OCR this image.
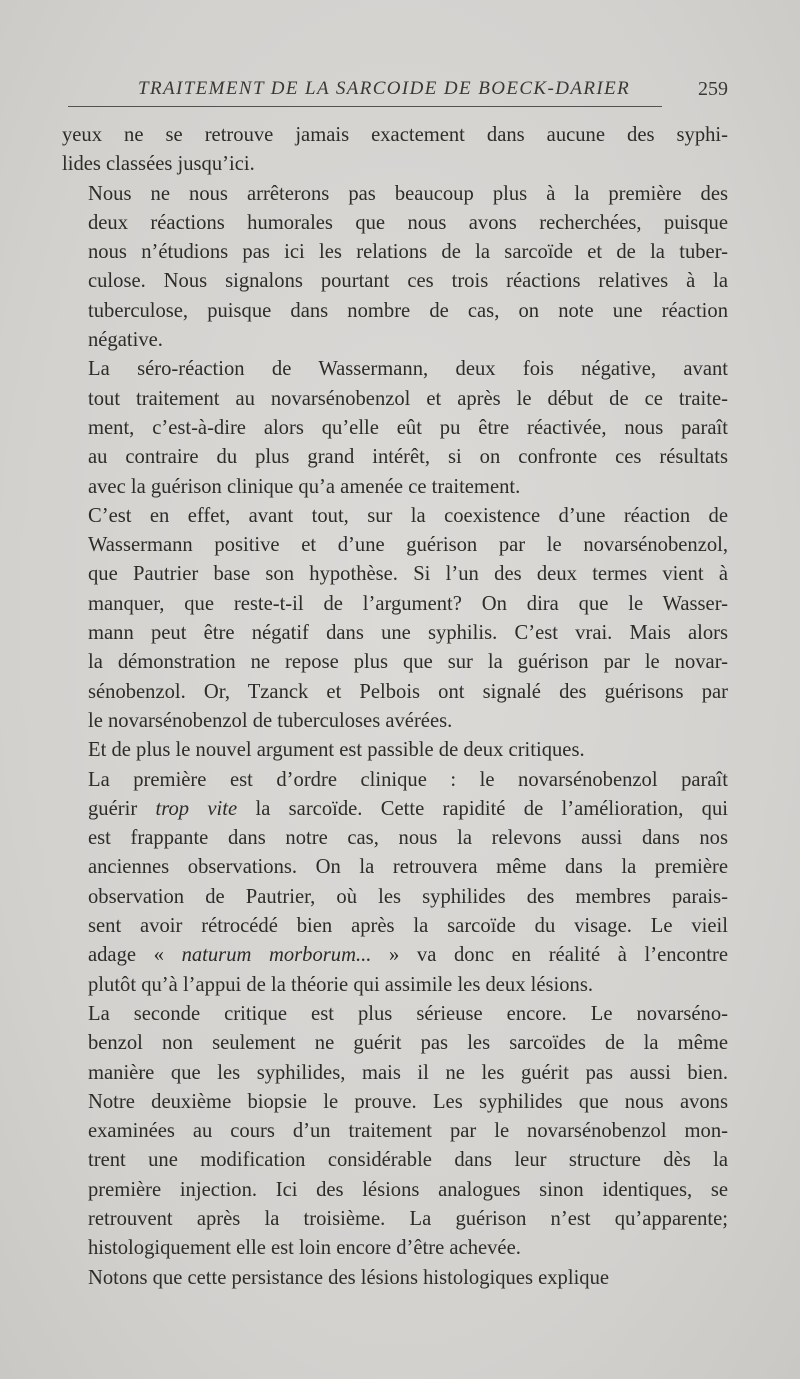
TRAITEMENT DE LA SARCOIDE DE BOECK-DARIER	259

yeux ne se retrouve jamais exactement dans aucune des syphi-
lides classées jusqu’ici.

Nous ne nous arrêterons pas beaucoup plus à la première des
deux réactions humorales que nous avons recherchées, puisque
nous n’étudions pas ici les relations de la sarcoïde et de la tuber-
culose. Nous signalons pourtant ces trois réactions relatives à la
tuberculose, puisque dans nombre de cas, on note une réaction
négative.

La séro-réaction de Wassermann, deux fois négative, avant
tout traitement au novarsénobenzol et après le début de ce traite-
ment, c’est-à-dire alors qu’elle eût pu être réactivée, nous paraît
au contraire du plus grand intérêt, si on confronte ces résultats
avec la guérison clinique qu’a amenée ce traitement.

C’est en effet, avant tout, sur la coexistence d’une réaction de
Wassermann positive et d’une guérison par le novarsénobenzol,
que Pautrier base son hypothèse. Si l’un des deux termes vient à
manquer, que reste-t-il de l’argument? On dira que le Wasser-
mann peut être négatif dans une syphilis. C’est vrai. Mais alors
la démonstration ne repose plus que sur la guérison par le novar-
sénobenzol. Or, Tzanck et Pelbois ont signalé des guérisons par
le novarsénobenzol de tuberculoses avérées.

Et de plus le nouvel argument est passible de deux critiques.

La première est d’ordre clinique : le novarsénobenzol paraît
guérir trop vite la sarcoïde. Cette rapidité de l’amélioration, qui
est frappante dans notre cas, nous la relevons aussi dans nos
anciennes observations. On la retrouvera même dans la première
observation de Pautrier, où les syphilides des membres parais-
sent avoir rétrocédé bien après la sarcoïde du visage. Le vieil
adage « naturum morborum... » va donc en réalité à l’encontre
plutôt qu’à l’appui de la théorie qui assimile les deux lésions.

La seconde critique est plus sérieuse encore. Le novarséno-
benzol non seulement ne guérit pas les sarcoïdes de la même
manière que les syphilides, mais il ne les guérit pas aussi bien.
Notre deuxième biopsie le prouve. Les syphilides que nous avons
examinées au cours d’un traitement par le novarsénobenzol mon-
trent une modification considérable dans leur structure dès la
première injection. Ici des lésions analogues sinon identiques, se
retrouvent après la troisième. La guérison n’est qu’apparente;
histologiquement elle est loin encore d’être achevée.

Notons que cette persistance des lésions histologiques explique
